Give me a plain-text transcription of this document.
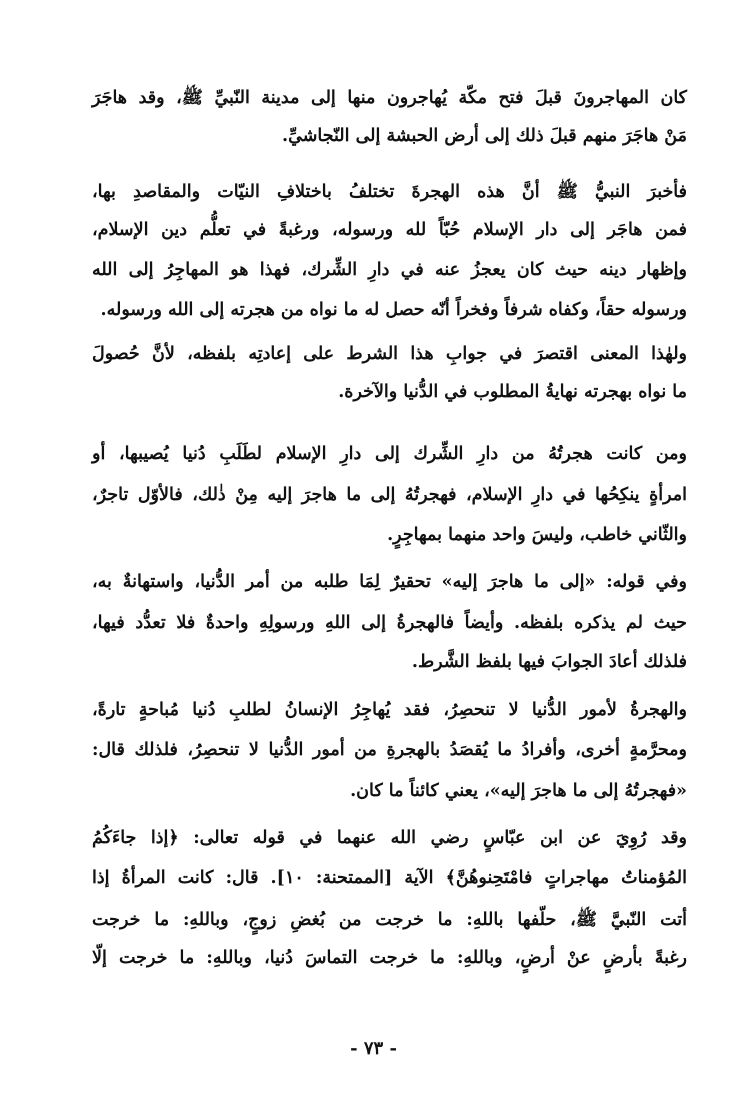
كان المهاجرونَ قبلَ فتح مكّة يُهاجرون منها إلى مدينة النّبيِّ ﷺ، وقد هاجَرَ
مَنْ هاجَرَ منهم قبلَ ذلك إلى أرض الحبشة إلى النّجاشيِّ.
فأخبرَ النبيُّ ﷺ أنَّ هذه الهجرةَ تختلفُ باختلافِ النيّات والمقاصدِ بها،
فمن هاجَر إلى دار الإسلام حُبّاً لله ورسوله، ورغبةً في تعلُّم دين الإسلام،
وإظهار دينه حيث كان يعجزُ عنه في دارِ الشِّرك، فهذا هو المهاجِرُ إلى الله
ورسوله حقاً، وكفاه شرفاً وفخراً أنّه حصل له ما نواه من هجرته إلى الله ورسوله.
ولهٰذا المعنى اقتصرَ في جوابِ هذا الشرط على إعادتِه بلفظه، لأنَّ حُصولَ
ما نواه بهجرته نهايةُ المطلوب في الدُّنيا والآخرة.
ومن كانت هجرتُهُ من دارِ الشِّرك إلى دارِ الإسلام لطَلَبِ دُنيا يُصيبها، أو
امرأةٍ ينكِحُها في دارِ الإسلام، فهجرتُهُ إلى ما هاجرَ إليه مِنْ ذٰلك، فالأوّل تاجرٌ،
والثّاني خاطب، وليسَ واحد منهما بمهاجِرٍ.
وفي قوله: «إلى ما هاجرَ إليه» تحقيرٌ لِمَا طلبه من أمر الدُّنيا، واستهانةٌ به،
حيث لم يذكره بلفظه. وأيضاً فالهجرةُ إلى اللهِ ورسولِهِ واحدةٌ فلا تعدُّد فيها،
فلذلك أعادَ الجوابَ فيها بلفظ الشَّرط.
والهجرةُ لأمور الدُّنيا لا تنحصِرُ، فقد يُهاجِرُ الإنسانُ لطلبِ دُنيا مُباحةٍ تارةً،
ومحرَّمةٍ أخرى، وأفرادُ ما يُقصَدُ بالهجرةِ من أمور الدُّنيا لا تنحصِرُ، فلذلك قال:
«فهجرتُهُ إلى ما هاجرَ إليه»، يعني كائناً ما كان.
وقد رُوِيَ عن ابن عبّاسٍ رضي الله عنهما في قوله تعالى: ﴿إذا جاءَكُمُ
المُؤمناتُ مهاجراتٍ فامْتَحِنوهُنَّ﴾ الآية [الممتحنة: ١٠]. قال: كانت المرأةُ إذا
أتت النّبيَّ ﷺ، حلّفها باللهِ: ما خرجت من بُغضِ زوجٍ، وباللهِ: ما خرجت
رغبةً بأرضٍ عنْ أرضٍ، وباللهِ: ما خرجت التماسَ دُنيا، وباللهِ: ما خرجت إلّا
- ٧٣ -
